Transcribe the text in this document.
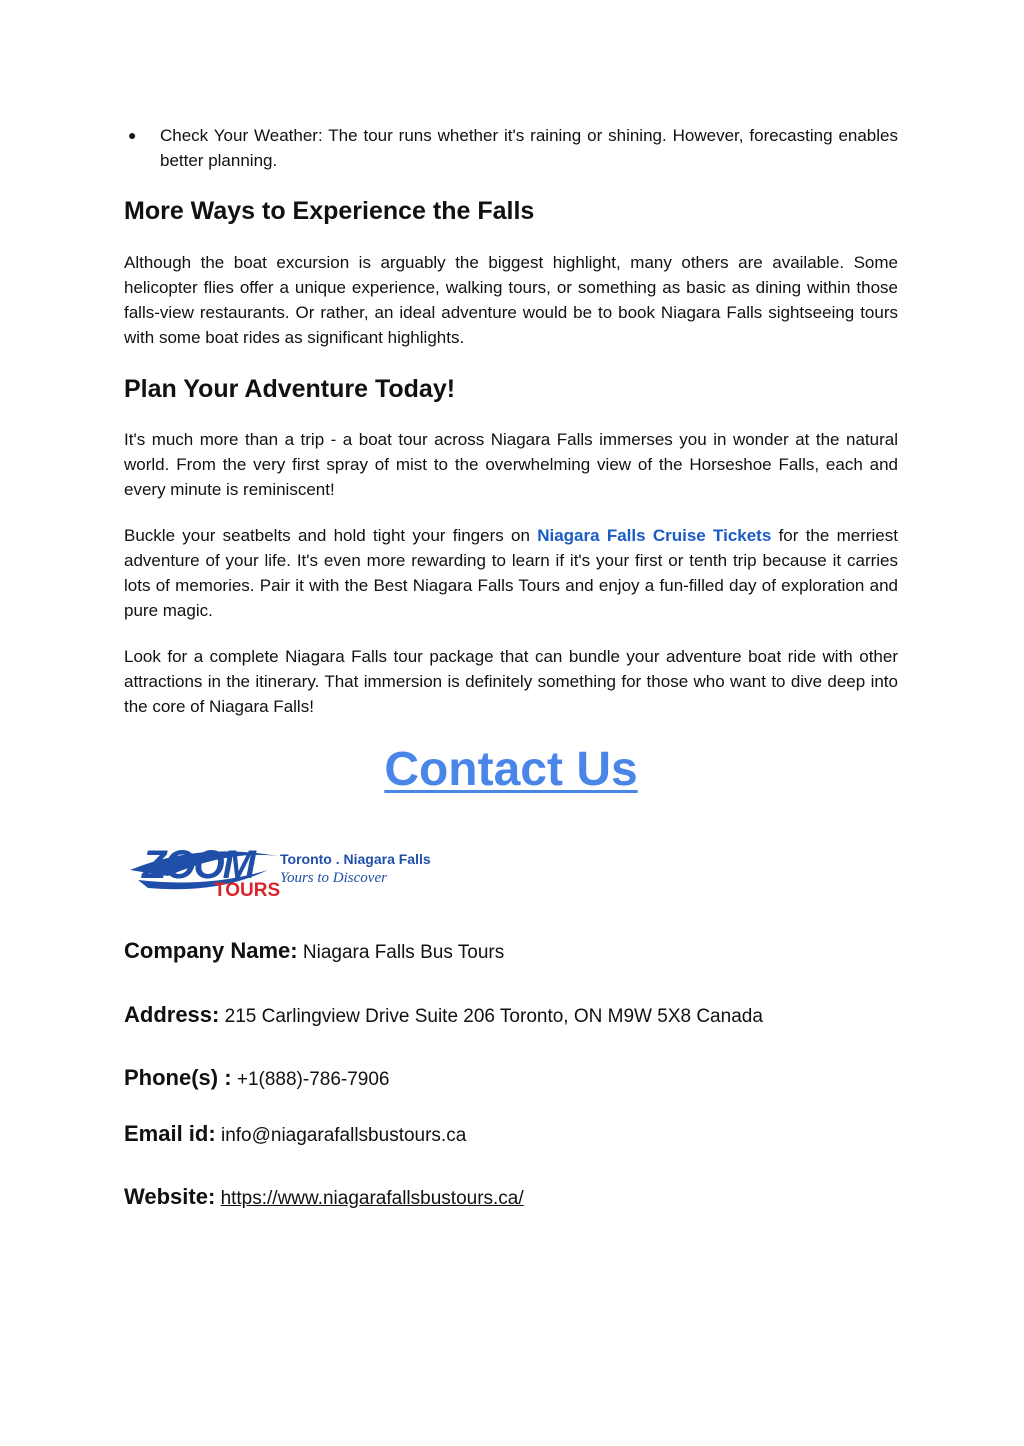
● Check Your Weather: The tour runs whether it's raining or shining. However, forecasting enables better planning.
More Ways to Experience the Falls

Although the boat excursion is arguably the biggest highlight, many others are available. Some helicopter flies offer a unique experience, walking tours, or something as basic as dining within those falls-view restaurants. Or rather, an ideal adventure would be to book Niagara Falls sightseeing tours with some boat rides as significant highlights.

Plan Your Adventure Today!

It's much more than a trip - a boat tour across Niagara Falls immerses you in wonder at the natural world. From the very first spray of mist to the overwhelming view of the Horseshoe Falls, each and every minute is reminiscent!

Buckle your seatbelts and hold tight your fingers on Niagara Falls Cruise Tickets for the merriest adventure of your life. It's even more rewarding to learn if it's your first or tenth trip because it carries lots of memories. Pair it with the Best Niagara Falls Tours and enjoy a fun-filled day of exploration and pure magic.

Look for a complete Niagara Falls tour package that can bundle your adventure boat ride with other attractions in the itinerary. That immersion is definitely something for those who want to dive deep into the core of Niagara Falls!

Contact Us
ZOOM
TOURS
Toronto . Niagara Falls
Yours to Discover
Company Name: Niagara Falls Bus Tours
Address: 215 Carlingview Drive Suite 206 Toronto, ON M9W 5X8 Canada
Phone(s) : +1(888)-786-7906
Email id: info@niagarafallsbustours.ca
Website: https://www.niagarafallsbustours.ca/
